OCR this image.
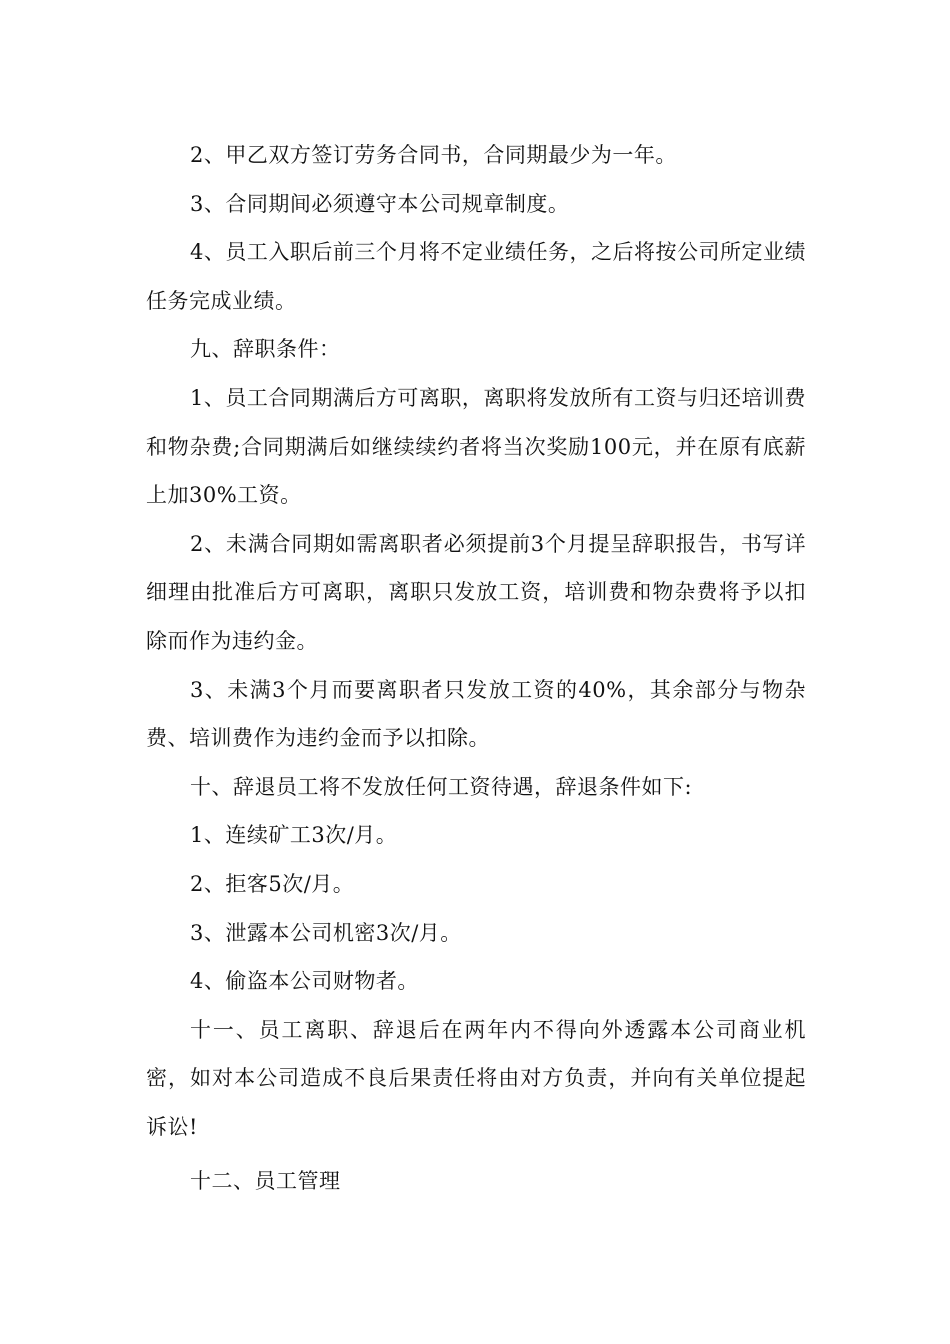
2、甲乙双方签订劳务合同书，合同期最少为一年。

3、合同期间必须遵守本公司规章制度。

4、员工入职后前三个月将不定业绩任务，之后将按公司所定业绩任务完成业绩。

九、辞职条件：

1、员工合同期满后方可离职，离职将发放所有工资与归还培训费和物杂费;合同期满后如继续续约者将当次奖励100元，并在原有底薪上加30%工资。

2、未满合同期如需离职者必须提前3个月提呈辞职报告，书写详细理由批准后方可离职，离职只发放工资，培训费和物杂费将予以扣除而作为违约金。

3、未满3个月而要离职者只发放工资的40%，其余部分与物杂费、培训费作为违约金而予以扣除。

十、辞退员工将不发放任何工资待遇，辞退条件如下:

1、连续矿工3次/月。

2、拒客5次/月。

3、泄露本公司机密3次/月。

4、偷盗本公司财物者。

十一、员工离职、辞退后在两年内不得向外透露本公司商业机密，如对本公司造成不良后果责任将由对方负责，并向有关单位提起诉讼!

十二、员工管理
